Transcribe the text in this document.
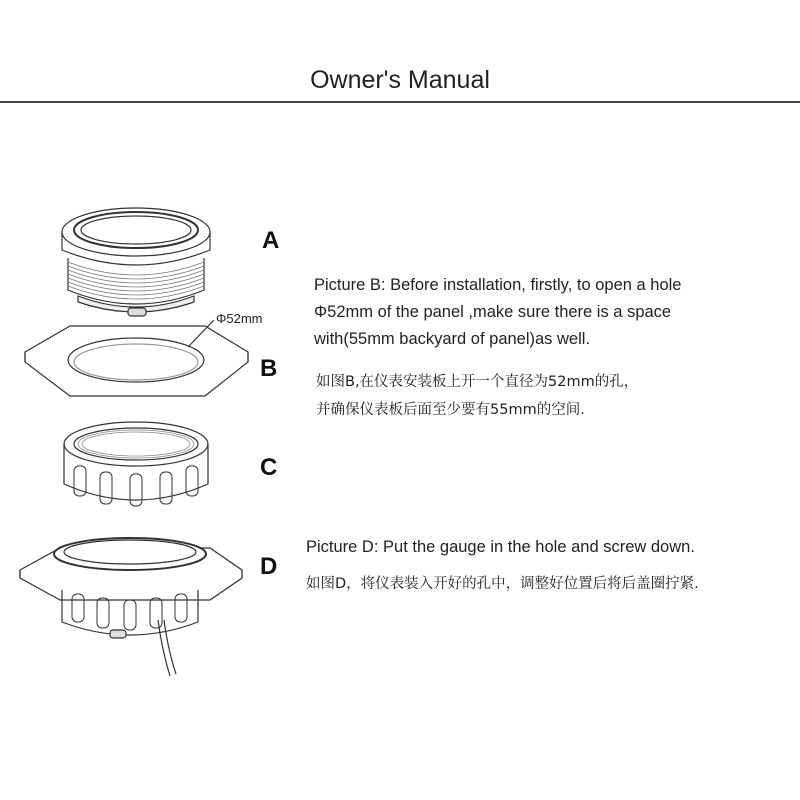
Owner's Manual
A
B
C
D
Φ52mm
Picture B: Before installation, firstly, to open a hole
Φ52mm of the panel ,make sure there is a space
with(55mm backyard of panel)as well.
如图B,在仪表安装板上开一个直径为52mm的孔，
并确保仪表板后面至少要有55mm的空间.
Picture D: Put the gauge in the hole and screw down.
如图D，将仪表装入开好的孔中，调整好位置后将后盖圈拧紧.
